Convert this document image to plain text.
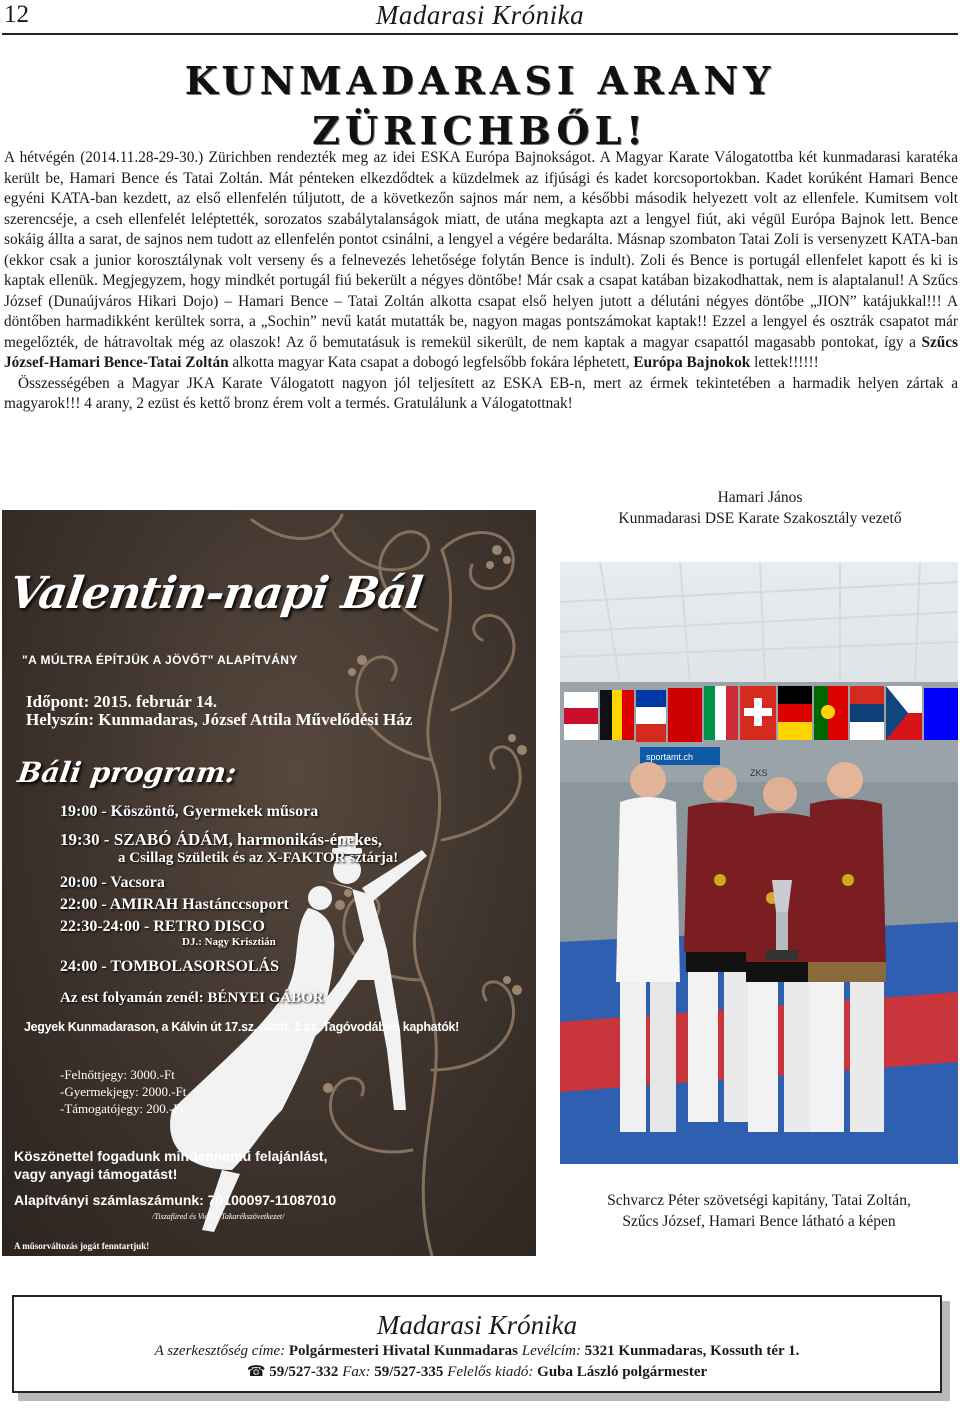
12	Madarasi Krónika
KUNMADARASI ARANY
ZÜRICHBŐL!

A hétvégén (2014.11.28-29-30.) Zürichben rendezték meg az idei ESKA Európa Bajnokságot. A Magyar Karate Válogatottba két kunmadarasi karatéka került be, Hamari Bence és Tatai Zoltán. Mát pénteken elkezdődtek a küzdelmek az ifjúsági és kadet korcsoportokban. Kadet korúként Hamari Bence egyéni KATA-ban kezdett, az első ellenfelén túljutott, de a következőn sajnos már nem, a későbbi második helyezett volt az ellenfele. Kumitsem volt szerencséje, a cseh ellenfelét leléptették, sorozatos szabálytalanságok miatt, de utána megkapta azt a lengyel fiút, aki végül Európa Bajnok lett. Bence sokáig állta a sarat, de sajnos nem tudott az ellenfelén pontot csinálni, a lengyel a végére bedarálta. Másnap szombaton Tatai Zoli is versenyzett KATA-ban (ekkor csak a junior korosztálynak volt verseny és a felnevezés lehetősége folytán Bence is indult). Zoli és Bence is portugál ellenfelet kapott és ki is kaptak ellenük. Megjegyzem, hogy mindkét portugál fiú bekerült a négyes döntőbe! Már csak a csapat katában bizakodhattak, nem is alaptalanul! A Szűcs József (Dunaújváros Hikari Dojo) – Hamari Bence – Tatai Zoltán alkotta csapat első helyen jutott a délutáni négyes döntőbe „JION” katájukkal!!! A döntőben harmadikként kerültek sorra, a „Sochin” nevű katát mutatták be, nagyon magas pontszámokat kaptak!! Ezzel a lengyel és osztrák csapatot már megelőzték, de hátravoltak még az olaszok! Az ő bemutatásuk is remekül sikerült, de nem kaptak a magyar csapattól magasabb pontokat, így a Szűcs József-Hamari Bence-Tatai Zoltán alkotta magyar Kata csapat a dobogó legfelsőbb fokára léphetett, Európa Bajnokok lettek!!!!!!

Összességében a Magyar JKA Karate Válogatott nagyon jól teljesített az ESKA EB-n, mert az érmek tekintetében a harmadik helyen zártak a magyarok!!! 4 arany, 2 ezüst és kettő bronz érem volt a termés. Gratulálunk a Válogatottnak!

Hamari János
Kunmadarasi DSE Karate Szakosztály vezető
Valentin-napi Bál
"A MÚLTRA ÉPÍTJÜK A JÖVŐT" ALAPÍTVÁNY
Időpont: 2015. február 14.
Helyszín: Kunmadaras, József Attila Művelődési Ház
Báli program:
19:00 - Köszöntő, Gyermekek műsora
19:30 - SZABÓ ÁDÁM, harmonikás-énekes,
a Csillag Születik és az X-FAKTOR sztárja!
20:00 - Vacsora
22:00 - AMIRAH Hastánccsoport
22:30-24:00 - RETRO DISCO
DJ.: Nagy Krisztián
24:00 - TOMBOLASORSOLÁS
Az est folyamán zenél: BÉNYEI GÁBOR
Jegyek Kunmadarason, a Kálvin út 17.sz. alatti, 1.sz. Tagóvodában kaphatók!
-Felnőttjegy: 3000.-Ft
-Gyermekjegy: 2000.-Ft
-Támogatójegy: 200.-Ft
Köszönettel fogadunk mindennemű felajánlást,
vagy anyagi támogatást!
Alapítványi számlaszámunk: 70100097-11087010
/Tiszafüred és Vidéke Takarékszövetkezet/
A műsorváltozás jogát fenntartjuk!
sportamt.ch
ZKS
Schvarcz Péter szövetségi kapitány, Tatai Zoltán,
Szűcs József, Hamari Bence látható a képen
Madarasi Krónika
A szerkesztőség címe: Polgármesteri Hivatal Kunmadaras Levélcím: 5321 Kunmadaras, Kossuth tér 1.
☎ 59/527-332 Fax: 59/527-335 Felelős kiadó: Guba László polgármester
